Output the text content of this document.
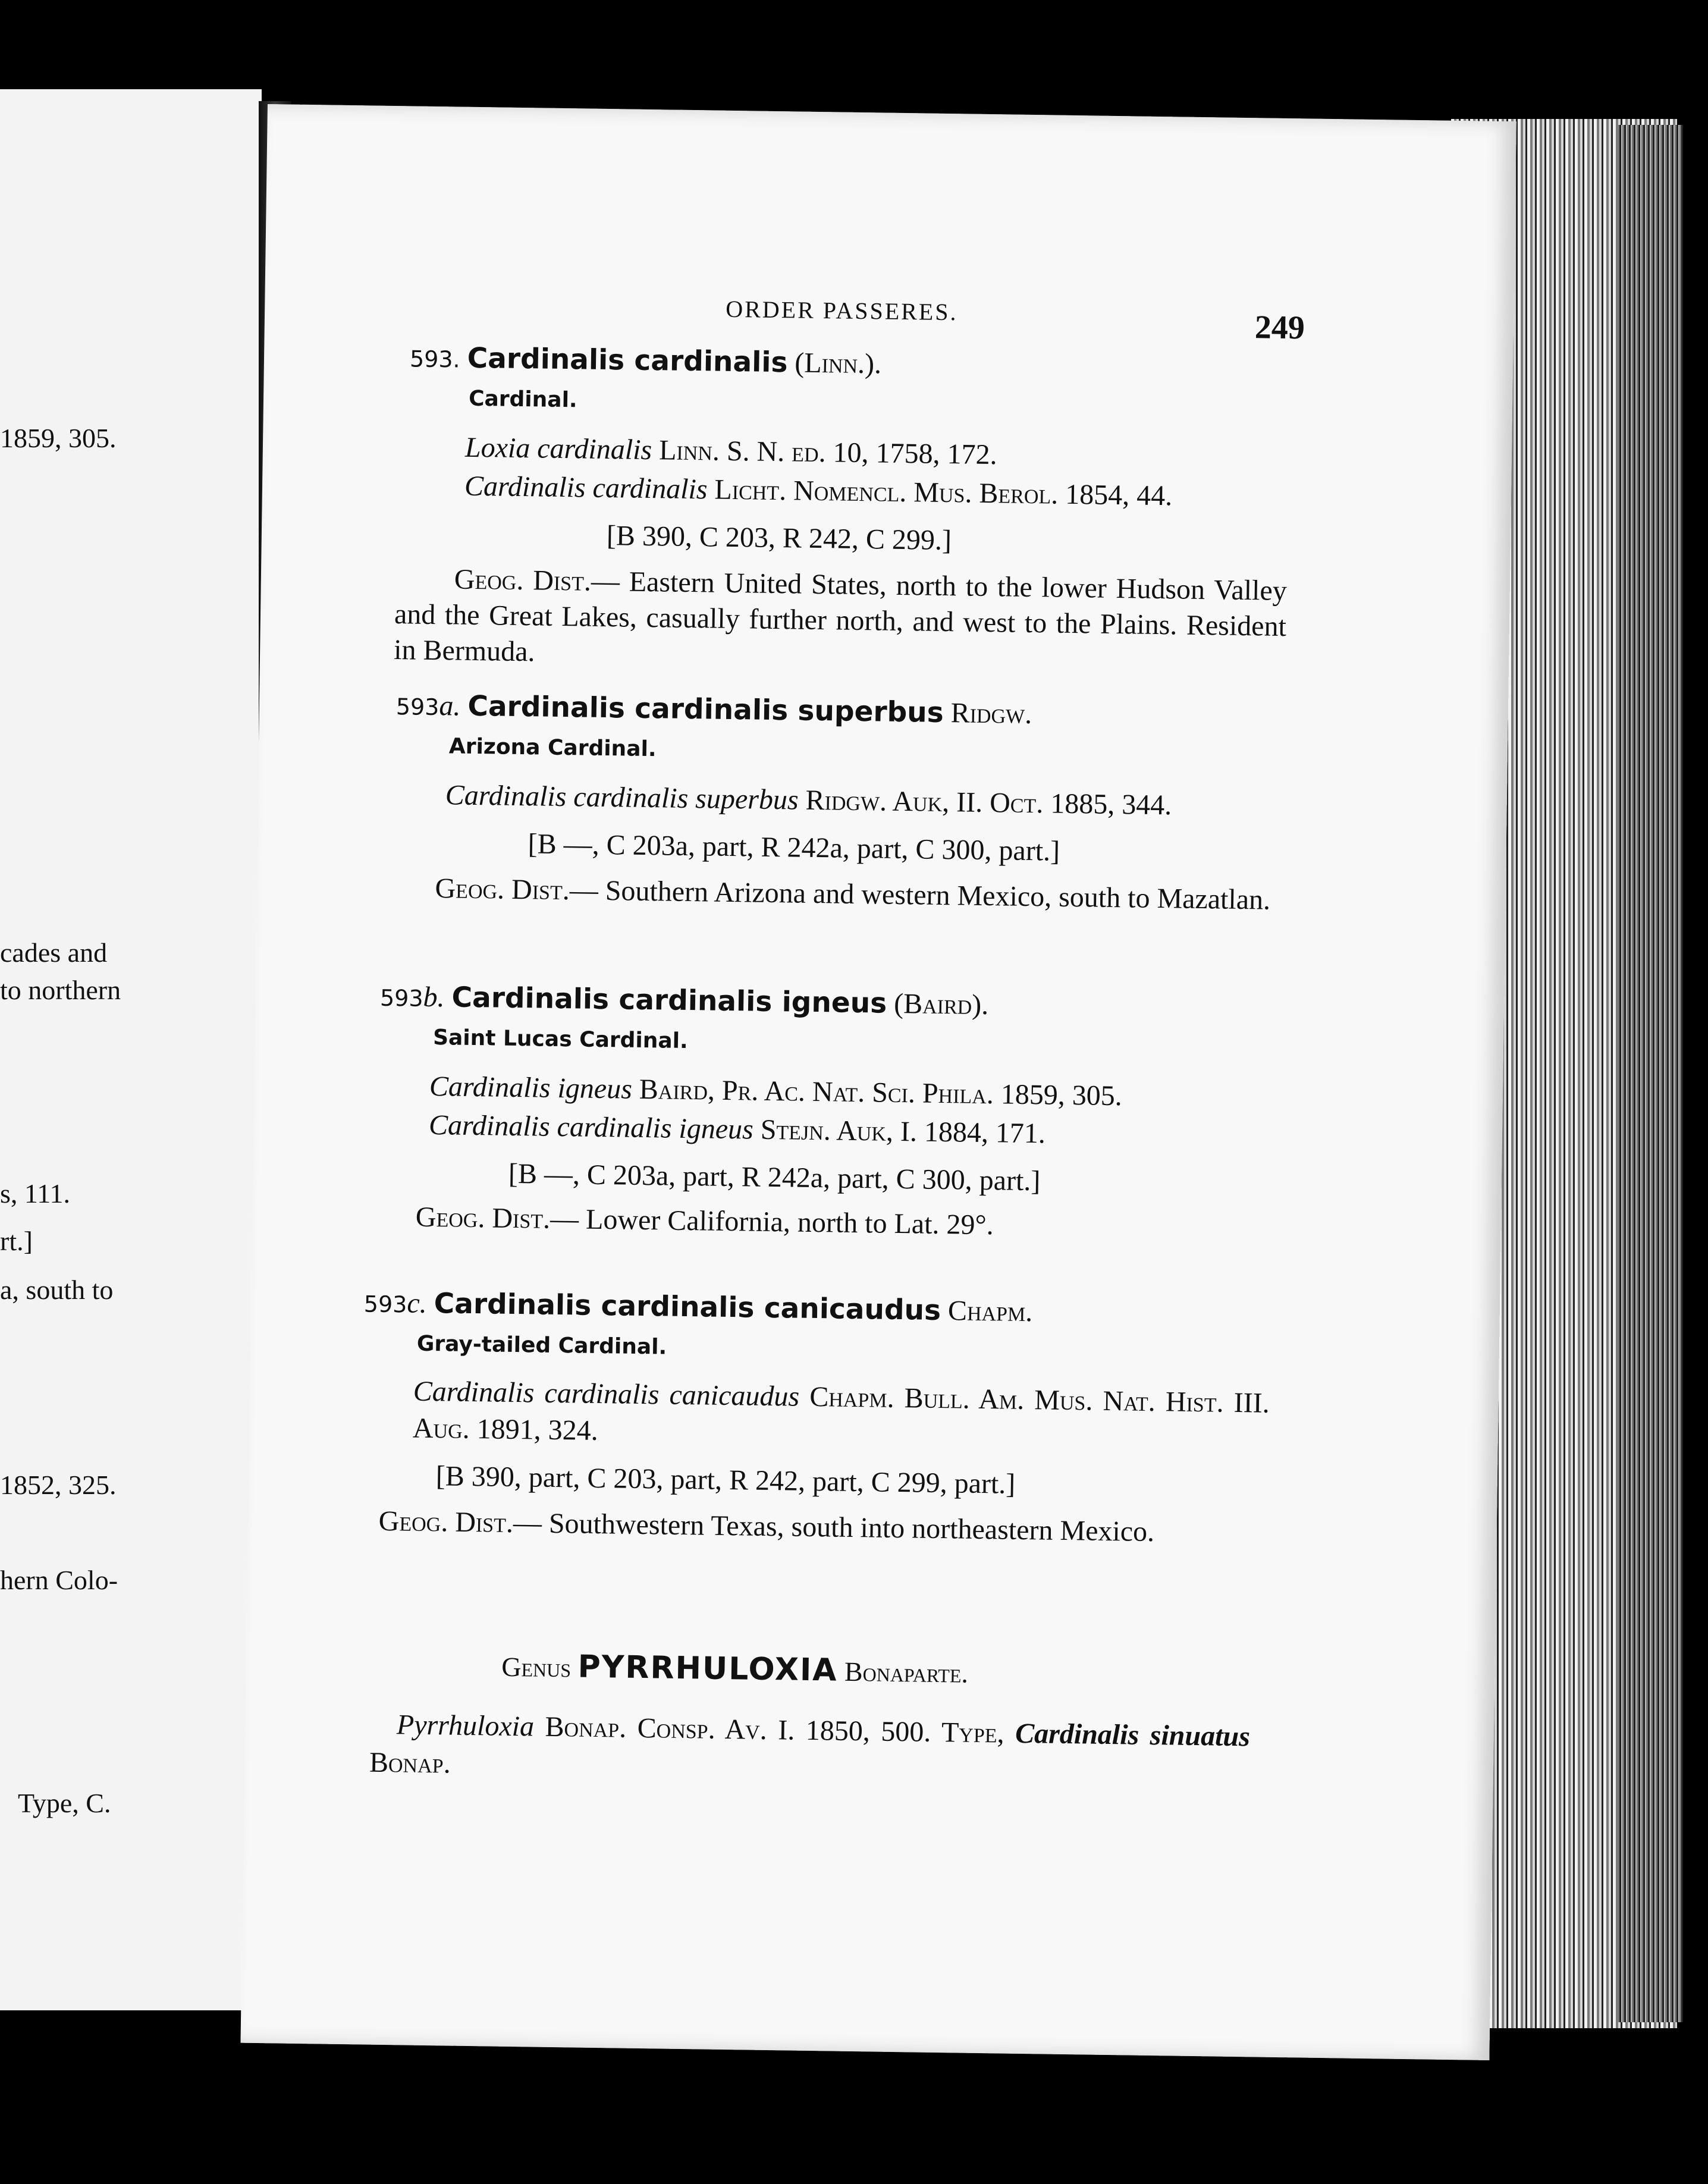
1859, 305.
cades and
to northern
s, 111.
rt.]
a, south to
1852, 325.
hern Colo-
Type, C.
ORDER PASSERES.	249
593. Cardinalis cardinalis (Linn.).
Cardinal.
Loxia cardinalis Linn. S. N. ed. 10, 1758, 172.
Cardinalis cardinalis Licht. Nomencl. Mus. Berol. 1854, 44.
[B 390, C 203, R 242, C 299.]
Geog. Dist.— Eastern United States, north to the lower Hudson Valley and the Great Lakes, casually further north, and west to the Plains. Resident in Bermuda.
593a. Cardinalis cardinalis superbus Ridgw.
Arizona Cardinal.
Cardinalis cardinalis superbus Ridgw. Auk, II. Oct. 1885, 344.
[B —, C 203a, part, R 242a, part, C 300, part.]
Geog. Dist.— Southern Arizona and western Mexico, south to Mazatlan.
593b. Cardinalis cardinalis igneus (Baird).
Saint Lucas Cardinal.
Cardinalis igneus Baird, Pr. Ac. Nat. Sci. Phila. 1859, 305.
Cardinalis cardinalis igneus Stejn. Auk, I. 1884, 171.
[B —, C 203a, part, R 242a, part, C 300, part.]
Geog. Dist.— Lower California, north to Lat. 29°.
593c. Cardinalis cardinalis canicaudus Chapm.
Gray-tailed Cardinal.
Cardinalis cardinalis canicaudus Chapm. Bull. Am. Mus. Nat. Hist. III. Aug. 1891, 324.
[B 390, part, C 203, part, R 242, part, C 299, part.]
Geog. Dist.— Southwestern Texas, south into northeastern Mexico.
Genus PYRRHULOXIA Bonaparte.
Pyrrhuloxia Bonap. Consp. Av. I. 1850, 500. Type, Cardinalis sinuatus Bonap.
